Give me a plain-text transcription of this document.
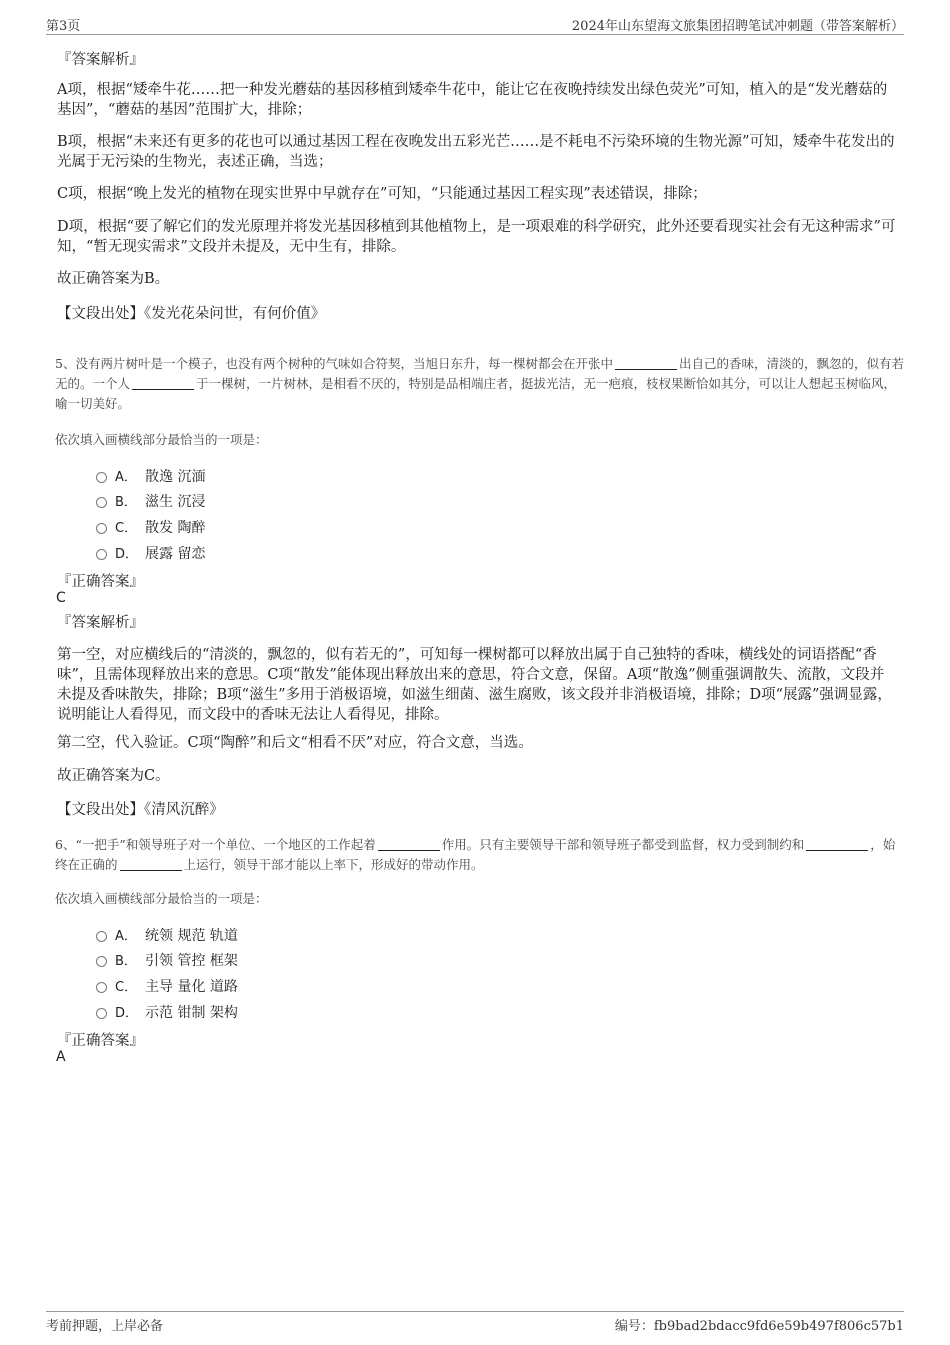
第3页	2024年山东望海文旅集团招聘笔试冲刺题（带答案解析）
『答案解析』
A项，根据“矮牵牛花……把一种发光蘑菇的基因移植到矮牵牛花中，能让它在夜晚持续发出绿色荧光”可知，植入的是“发光蘑菇的基因”，“蘑菇的基因”范围扩大，排除；
B项，根据“未来还有更多的花也可以通过基因工程在夜晚发出五彩光芒……是不耗电不污染环境的生物光源”可知，矮牵牛花发出的光属于无污染的生物光，表述正确，当选；
C项，根据“晚上发光的植物在现实世界中早就存在”可知，“只能通过基因工程实现”表述错误，排除；
D项，根据“要了解它们的发光原理并将发光基因移植到其他植物上，是一项艰难的科学研究，此外还要看现实社会有无这种需求”可知，“暂无现实需求”文段并未提及，无中生有，排除。
故正确答案为B。
【文段出处】《发光花朵问世，有何价值》
5、没有两片树叶是一个模子，也没有两个树种的气味如合符契，当旭日东升，每一棵树都会在开张中	出自己的香味，清淡的，飘忽的，似有若无的。一个人	于一棵树，一片树林，是相看不厌的，特别是品相端庄者，挺拔光洁，无一疤痕，枝杈果断恰如其分，可以让人想起玉树临风，喻一切美好。
依次填入画横线部分最恰当的一项是：
A． 散逸 沉湎
B． 滋生 沉浸
C． 散发 陶醉
D． 展露 留恋
『正确答案』
C
『答案解析』
第一空，对应横线后的“清淡的，飘忽的，似有若无的”，可知每一棵树都可以释放出属于自己独特的香味，横线处的词语搭配“香味”，且需体现释放出来的意思。C项“散发”能体现出释放出来的意思，符合文意，保留。A项“散逸”侧重强调散失、流散，文段并未提及香味散失，排除；B项“滋生”多用于消极语境，如滋生细菌、滋生腐败，该文段并非消极语境，排除；D项“展露”强调显露，说明能让人看得见，而文段中的香味无法让人看得见，排除。
第二空，代入验证。C项“陶醉”和后文“相看不厌”对应，符合文意，当选。
故正确答案为C。
【文段出处】《清风沉醉》
6、“一把手”和领导班子对一个单位、一个地区的工作起着	作用。只有主要领导干部和领导班子都受到监督，权力受到制约和	，始终在正确的	上运行，领导干部才能以上率下，形成好的带动作用。
依次填入画横线部分最恰当的一项是：
A． 统领 规范 轨道
B． 引领 管控 框架
C． 主导 量化 道路
D． 示范 钳制 架构
『正确答案』
A
考前押题，上岸必备	编号：fb9bad2bdacc9fd6e59b497f806c57b1
